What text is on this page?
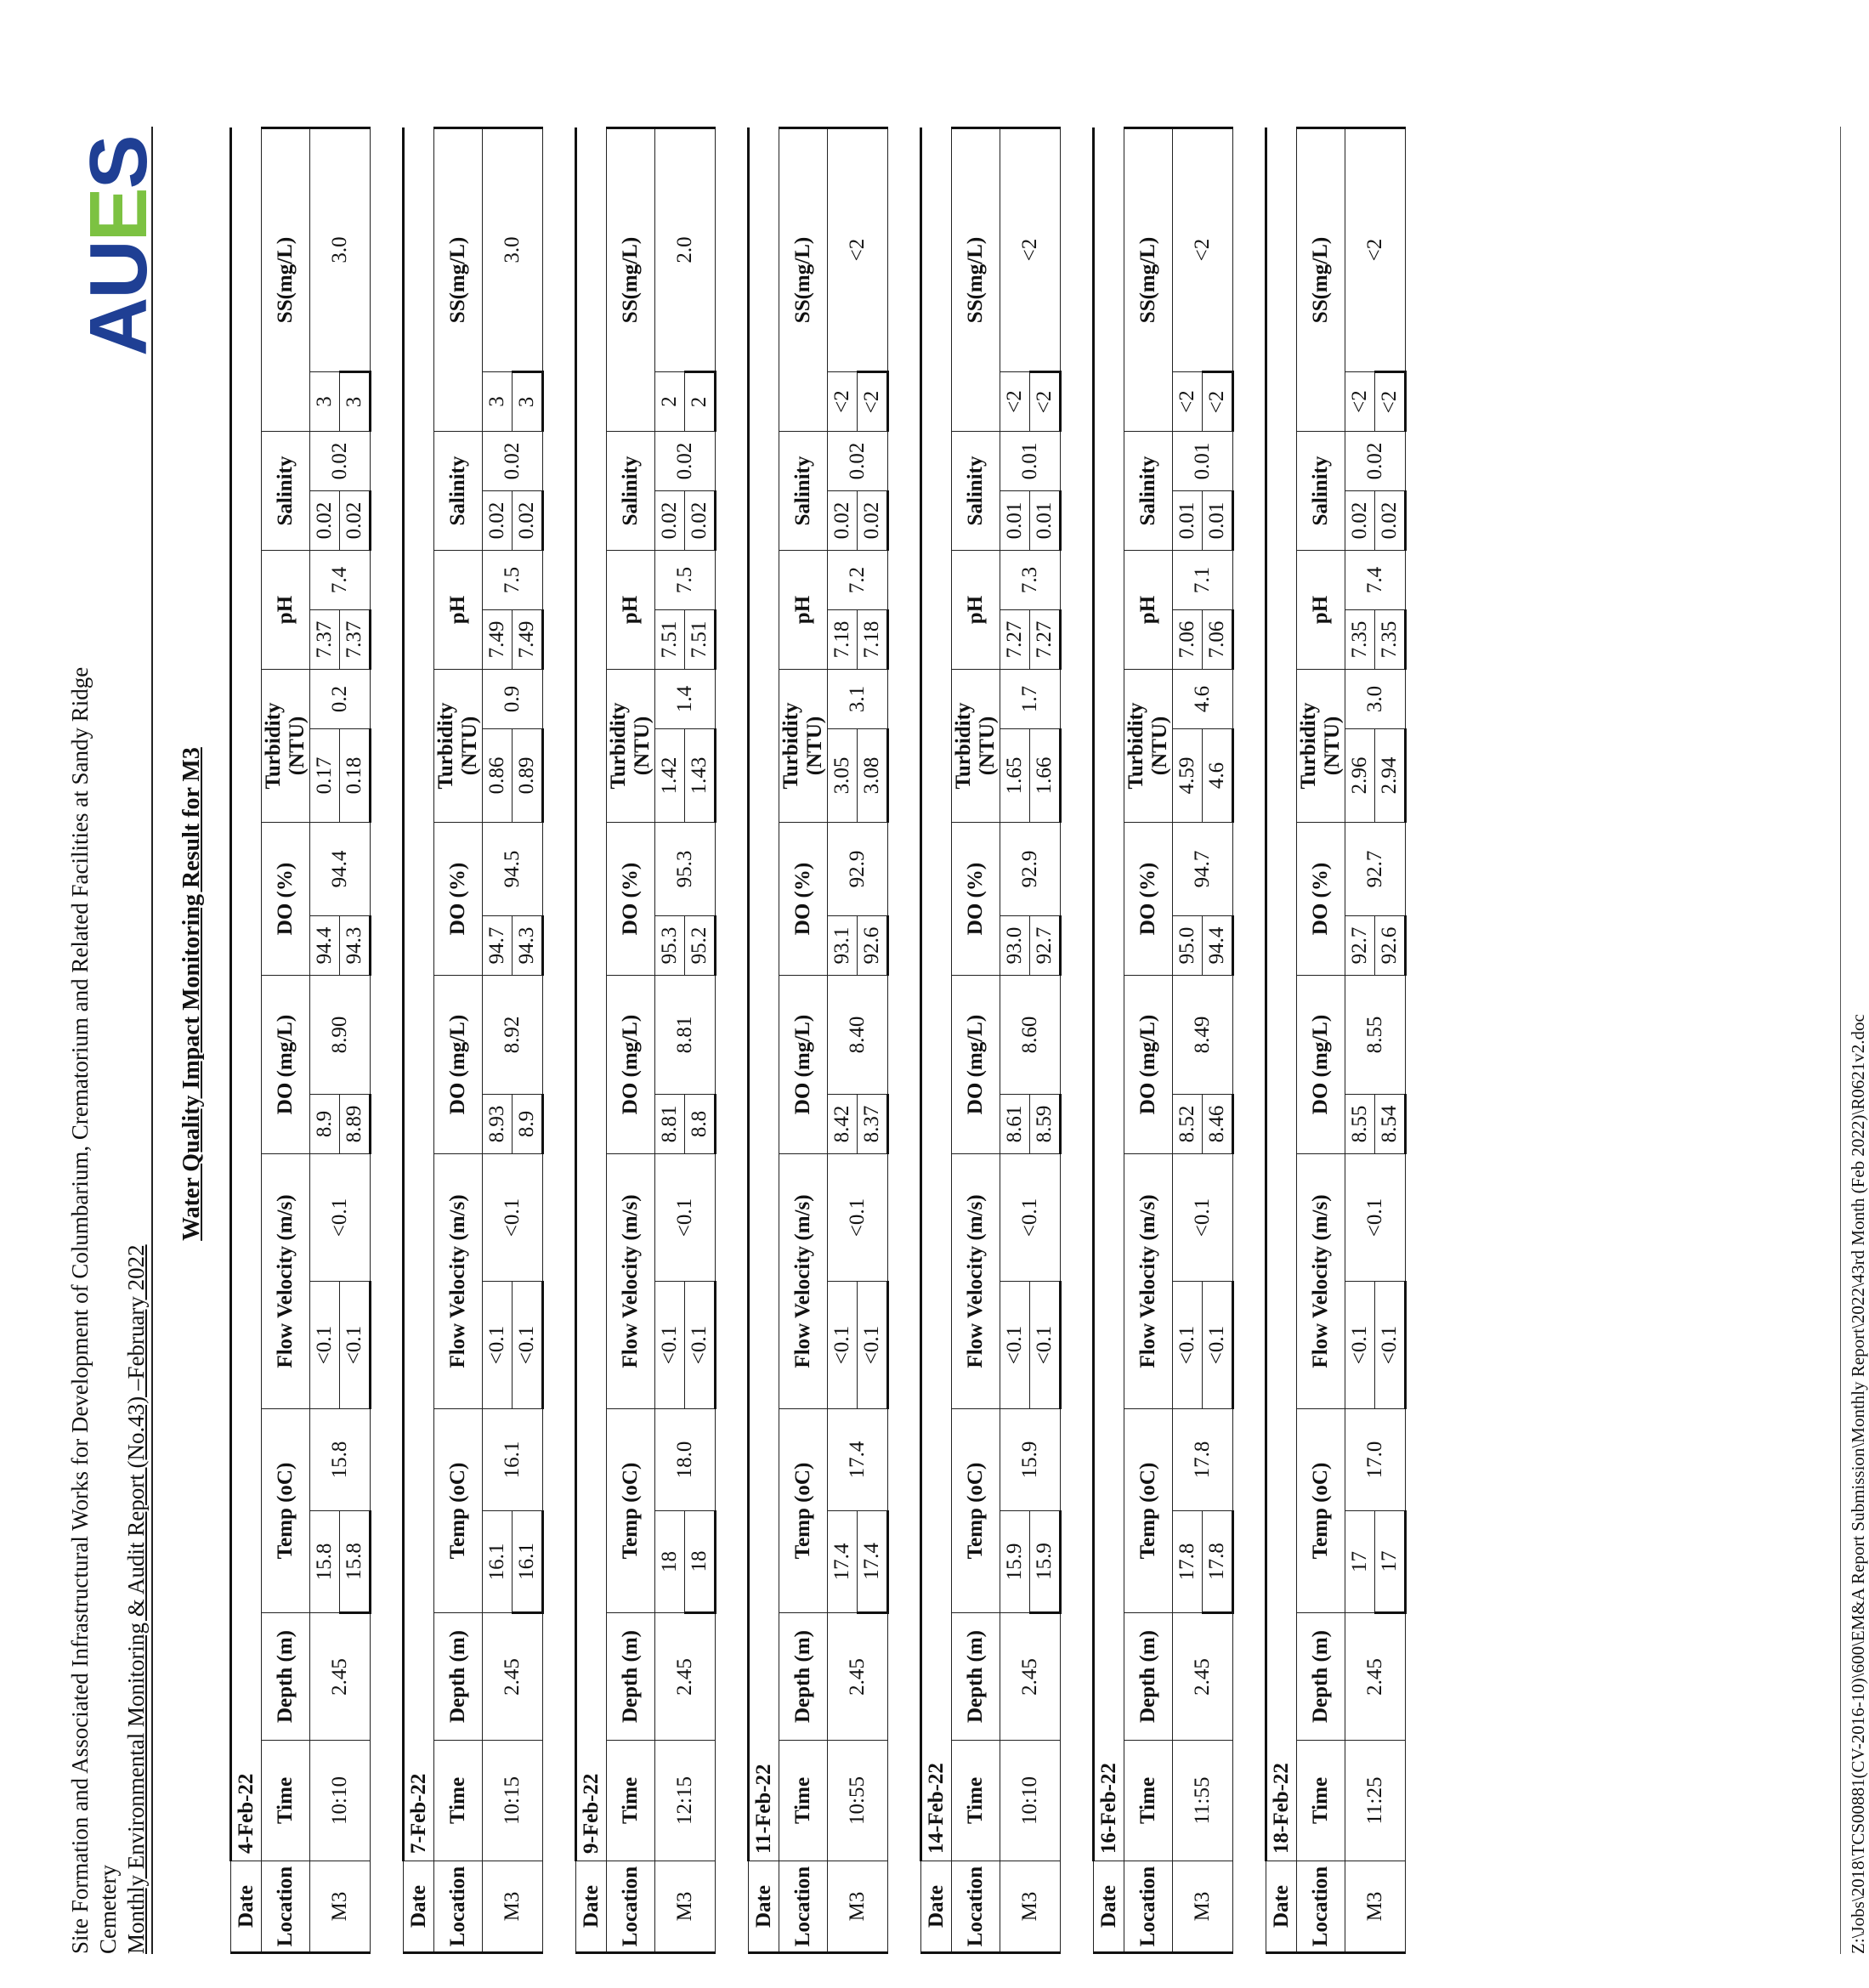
Site Formation and Associated Infrastructural Works for Development of Columbarium, Crematorium and Related Facilities at Sandy Ridge Cemetery Monthly Environmental Monitoring & Audit Report (No.43) –February 2022
AUES
Water Quality Impact Monitoring Result for M3
Date	4-Feb-22																	
Location	Time	Depth (m)	Temp (oC)		Flow Velocity (m/s)		DO (mg/L)		DO (%)		Turbidity (NTU)		pH		Salinity		SS(mg/L)	
M3	10:10	2.45	15.8	15.8	<0.1	<0.1	8.9	8.90	94.4	94.4	0.17	0.2	7.37	7.4	0.02	0.02	3	3.0
			15.8		<0.1		8.89		94.3		0.18		7.37		0.02		3	
Date	7-Feb-22																	
Location	Time	Depth (m)	Temp (oC)		Flow Velocity (m/s)		DO (mg/L)		DO (%)		Turbidity (NTU)		pH		Salinity		SS(mg/L)	
M3	10:15	2.45	16.1	16.1	<0.1	<0.1	8.93	8.92	94.7	94.5	0.86	0.9	7.49	7.5	0.02	0.02	3	3.0
			16.1		<0.1		8.9		94.3		0.89		7.49		0.02		3	
Date	9-Feb-22																	
Location	Time	Depth (m)	Temp (oC)		Flow Velocity (m/s)		DO (mg/L)		DO (%)		Turbidity (NTU)		pH		Salinity		SS(mg/L)	
M3	12:15	2.45	18	18.0	<0.1	<0.1	8.81	8.81	95.3	95.3	1.42	1.4	7.51	7.5	0.02	0.02	2	2.0
			18		<0.1		8.8		95.2		1.43		7.51		0.02		2	
Date	11-Feb-22																	
Location	Time	Depth (m)	Temp (oC)		Flow Velocity (m/s)		DO (mg/L)		DO (%)		Turbidity (NTU)		pH		Salinity		SS(mg/L)	
M3	10:55	2.45	17.4	17.4	<0.1	<0.1	8.42	8.40	93.1	92.9	3.05	3.1	7.18	7.2	0.02	0.02	<2	<2
			17.4		<0.1		8.37		92.6		3.08		7.18		0.02		<2	
Date	14-Feb-22																	
Location	Time	Depth (m)	Temp (oC)		Flow Velocity (m/s)		DO (mg/L)		DO (%)		Turbidity (NTU)		pH		Salinity		SS(mg/L)	
M3	10:10	2.45	15.9	15.9	<0.1	<0.1	8.61	8.60	93.0	92.9	1.65	1.7	7.27	7.3	0.01	0.01	<2	<2
			15.9		<0.1		8.59		92.7		1.66		7.27		0.01		<2	
Date	16-Feb-22																	
Location	Time	Depth (m)	Temp (oC)		Flow Velocity (m/s)		DO (mg/L)		DO (%)		Turbidity (NTU)		pH		Salinity		SS(mg/L)	
M3	11:55	2.45	17.8	17.8	<0.1	<0.1	8.52	8.49	95.0	94.7	4.59	4.6	7.06	7.1	0.01	0.01	<2	<2
			17.8		<0.1		8.46		94.4		4.6		7.06		0.01		<2	
Date	18-Feb-22																	
Location	Time	Depth (m)	Temp (oC)		Flow Velocity (m/s)		DO (mg/L)		DO (%)		Turbidity (NTU)		pH		Salinity		SS(mg/L)	
M3	11:25	2.45	17	17.0	<0.1	<0.1	8.55	8.55	92.7	92.7	2.96	3.0	7.35	7.4	0.02	0.02	<2	<2
			17		<0.1		8.54		92.6		2.94		7.35		0.02		<2	
Z:\Jobs\2018\TCS00881(CV-2016-10)\600\EM&A Report Submission\Monthly Report\2022\43rd Month (Feb 2022)\R0621v2.doc
